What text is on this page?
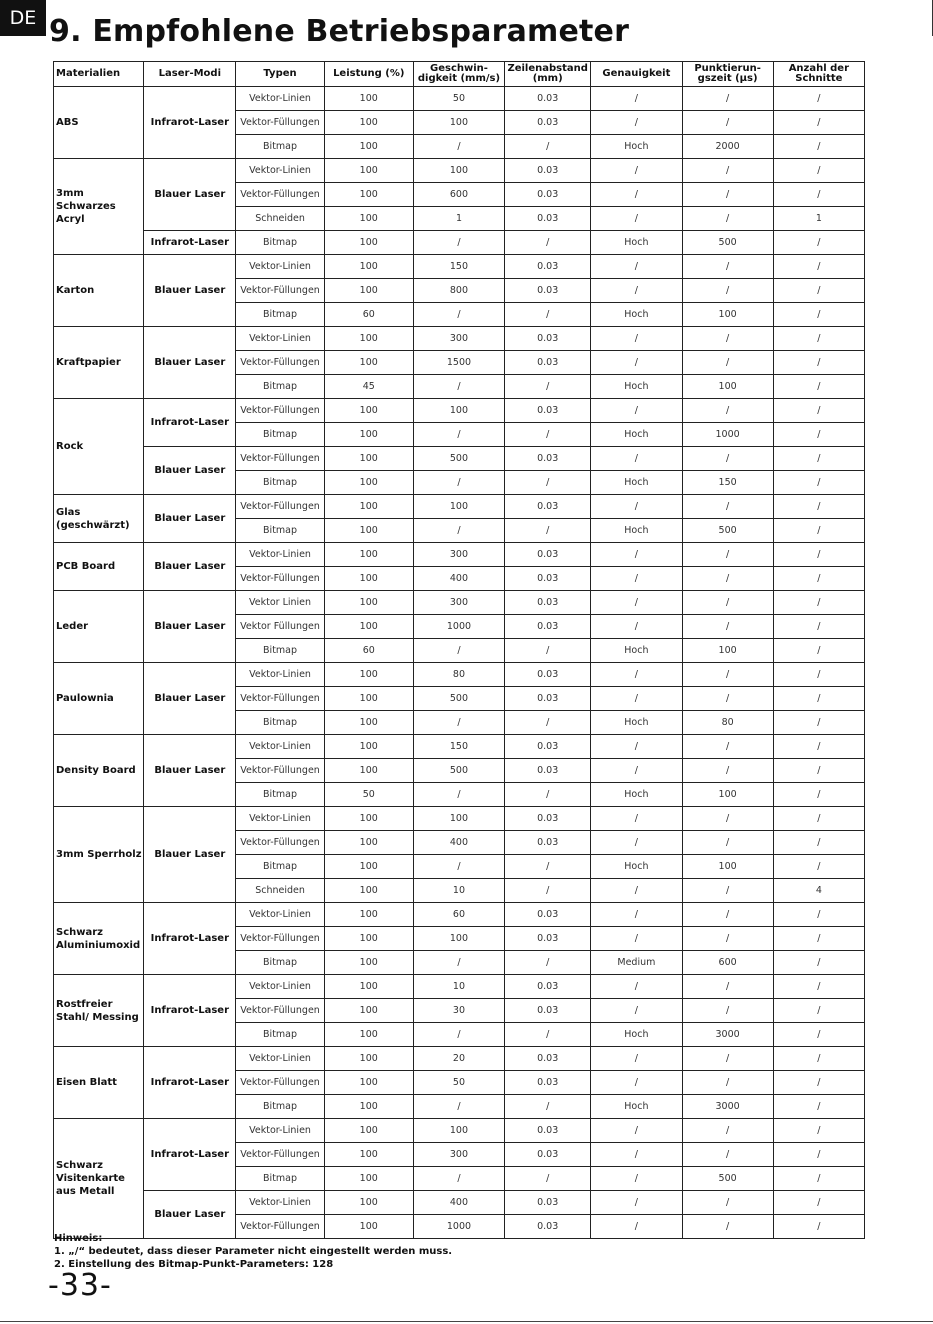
DE 9. Empfohlene Betriebsparameter
Materialien	Laser-Modi	Typen	Leistung (%)	Geschwin-
digkeit (mm/s)	Zeilenabstand
(mm)	Genauigkeit	Punktierun-
gszeit (µs)	Anzahl der
Schnitte
ABS	Infrarot-Laser	Vektor-Linien	100	50	0.03	/	/	/
		Vektor-Füllungen	100	100	0.03	/	/	/
		Bitmap	100	/	/	Hoch	2000	/
3mm
Schwarzes Acryl	Blauer Laser	Vektor-Linien	100	100	0.03	/	/	/
		Vektor-Füllungen	100	600	0.03	/	/	/
		Schneiden	100	1	0.03	/	/	1
	Infrarot-Laser	Bitmap	100	/	/	Hoch	500	/
Karton	Blauer Laser	Vektor-Linien	100	150	0.03	/	/	/
		Vektor-Füllungen	100	800	0.03	/	/	/
		Bitmap	60	/	/	Hoch	100	/
Kraftpapier	Blauer Laser	Vektor-Linien	100	300	0.03	/	/	/
		Vektor-Füllungen	100	1500	0.03	/	/	/
		Bitmap	45	/	/	Hoch	100	/
Rock	Infrarot-Laser	Vektor-Füllungen	100	100	0.03	/	/	/
		Bitmap	100	/	/	Hoch	1000	/
	Blauer Laser	Vektor-Füllungen	100	500	0.03	/	/	/
		Bitmap	100	/	/	Hoch	150	/
Glas
(geschwärzt)	Blauer Laser	Vektor-Füllungen	100	100	0.03	/	/	/
		Bitmap	100	/	/	Hoch	500	/
PCB Board	Blauer Laser	Vektor-Linien	100	300	0.03	/	/	/
		Vektor-Füllungen	100	400	0.03	/	/	/
Leder	Blauer Laser	Vektor Linien	100	300	0.03	/	/	/
		Vektor Füllungen	100	1000	0.03	/	/	/
		Bitmap	60	/	/	Hoch	100	/
Paulownia	Blauer Laser	Vektor-Linien	100	80	0.03	/	/	/
		Vektor-Füllungen	100	500	0.03	/	/	/
		Bitmap	100	/	/	Hoch	80	/
Density Board	Blauer Laser	Vektor-Linien	100	150	0.03	/	/	/
		Vektor-Füllungen	100	500	0.03	/	/	/
		Bitmap	50	/	/	Hoch	100	/
3mm Sperrholz	Blauer Laser	Vektor-Linien	100	100	0.03	/	/	/
		Vektor-Füllungen	100	400	0.03	/	/	/
		Bitmap	100	/	/	Hoch	100	/
		Schneiden	100	10	/	/	/	4
Schwarz
Aluminiumoxid	Infrarot-Laser	Vektor-Linien	100	60	0.03	/	/	/
		Vektor-Füllungen	100	100	0.03	/	/	/
		Bitmap	100	/	/	Medium	600	/
Rostfreier
Stahl/ Messing	Infrarot-Laser	Vektor-Linien	100	10	0.03	/	/	/
		Vektor-Füllungen	100	30	0.03	/	/	/
		Bitmap	100	/	/	Hoch	3000	/
Eisen Blatt	Infrarot-Laser	Vektor-Linien	100	20	0.03	/	/	/
		Vektor-Füllungen	100	50	0.03	/	/	/
		Bitmap	100	/	/	Hoch	3000	/
Schwarz
Visitenkarte
aus Metall	Infrarot-Laser	Vektor-Linien	100	100	0.03	/	/	/
		Vektor-Füllungen	100	300	0.03	/	/	/
		Bitmap	100	/	/	/	500	/
	Blauer Laser	Vektor-Linien	100	400	0.03	/	/	/
		Vektor-Füllungen	100	1000	0.03	/	/	/
Hinweis:
1. „/“ bedeutet, dass dieser Parameter nicht eingestellt werden muss.
2. Einstellung des Bitmap-Punkt-Parameters: 128
-33-
